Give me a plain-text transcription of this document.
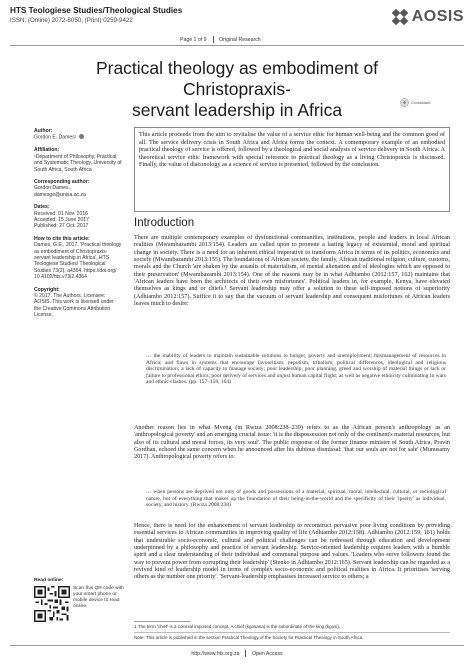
HTS Teologiese Studies/Theological Studies
ISSN: (Online) 2072-8050, (Print) 0259-9422	AOSIS
Page 1 of 9 Original Research
Practical theology as embodiment of Christopraxis-
servant leadership in Africa	CrossMark
Author:
Gordon E. Dames¹
Affiliation:
¹Department of Philosophy, Practical and Systematic Theology, University of South Africa, South Africa
Corresponding author:
Gordon Dames,
damesge@unisa.ac.za
Dates:
Received: 01 Nov. 2016
Accepted: 15 June 2017
Published: 27 Oct. 2017
How to cite this article:
Dames, G.E., 2017, 'Practical theology as embodiment of Christopraxis-servant leadership in Africa', HTS Teologiese Studies/ Theological Studies 73(2), a4364. https://doi.org/ 10.4102/hts.v73i2.4364
Copyright:
© 2017. The Authors. Licensee: AOSIS. This work is licensed under the Creative Commons Attribution License.
This article proceeds from the aim to revitalise the value of a service ethic for human well-being and the common good of all. The service delivery crisis in South Africa and Africa forms the context. A contemporary example of an embodied practical theology of service is offered, followed by a theological and social analysis of service delivery in South Africa. A theoretical service ethic framework with special reference to practical theology as a living Christopraxis is discussed. Finally, the value of diaconology as a science of service is presented, followed by the conclusion.
Introduction
There are multiple contemporary examples of dysfunctional communities, institutions, people and leaders in local African realities (Mwambazambi 2013:154). Leaders are called upon to promote a lasting legacy of existential, moral and spiritual change in society. There is a need for an inherent ethical imperative to transform Africa in terms of its politics, economics and society (Mwambazambi 2013:155). The foundations of African society, the family, African traditional religion, culture, customs, morals and the Church 'are shaken by the assaults of materialism, of mental alienation and of ideologies which are opposed to their preservation' (Mwambazambi 2013:154). One of the reasons may be in what Adhiambo (2012:157, 162) maintains that 'African leaders have been the architects of their own misfortunes'. Political leaders in, for example, Kenya, have elevated themselves as kings and or chiefs.¹ Servant leadership may offer a solution to these self-imposed notions of superiority (Adhiambo 2012:157). Suffice it to say that the vacuum of servant leadership and consequent misfortunes of African leaders leaves much to desire:
… the inability of leaders to maintain sustainable solutions to hunger, poverty and unemployment; mismanagement of resources in Africa; and flaws in systems that encourage favouritism, nepotism, tribalism, political differences, ideological and religious discrimination; a lack of capacity to manage society; poor leadership, poor planning, greed and worship of material things or lack or failure to professional ethics; poor delivery of services and unjust human capital flight; as well as negative ethnicity culminating in wars and ethnic clashes. (pp. 157–158, 164)
Another reason lies in what Mveng (in Rwiza 2008:238–239) refers to as the African person's anthropology as an 'anthropological poverty' and an emerging crucial issue: 'it is the dispossession not only of the continent's material resources, but also of its cultural and moral forces, its very soul'. The public response of the former finance minister of South Africa, Pravin Gordhan, echoed the same concern when he announced after his dubious dismissal: 'that our souls are not for sale' (Munusamy 2017). Anthropological poverty refers to:
… when persons are deprived not only of goods and possessions of a material, spiritual, moral, intellectual, cultural, or sociological nature, but of everything that makes up the foundation of their being-in-the-world and the specificity of their 'ipseity' as individual, society, and history. (Rwiza 2008:238)
Hence, there is need for the enhancement of servant leadership to reconstruct pervasive poor living conditions by providing essential services to African communities in improving quality of life (Adhiambo 2012:158). Adhiambo (2012:159, 161) holds that undesirable socio-economic, cultural and political challenges can be redressed through education and development underpinned by a philosophy and practice of servant leadership. Service-oriented leadership requires leaders with a humble spirit and a clear understanding of their individual and communal purpose and values. 'Leaders who serve followers found the way to prevent power from corrupting their leadership' (Stenko in Adhiambo 2012:165). Servant leadership can be regarded as a revived kind of leadership model in terms of complex socio-economic and political realities in Africa. It prioritises 'serving others as the number one priority'. 'Servant-leadership emphasises increased service to others; a
1.The term 'chief' is a colonial imposed concept. A chief (kgosana) is the subordinate of the king (kgosi).
Note: This article is published in the section Practical Theology of the Society for Practical Theology in South Africa.
Read online:
Scan this QR code with your smart phone or mobile device to read online.
http://www.hts.org.za Open Access
